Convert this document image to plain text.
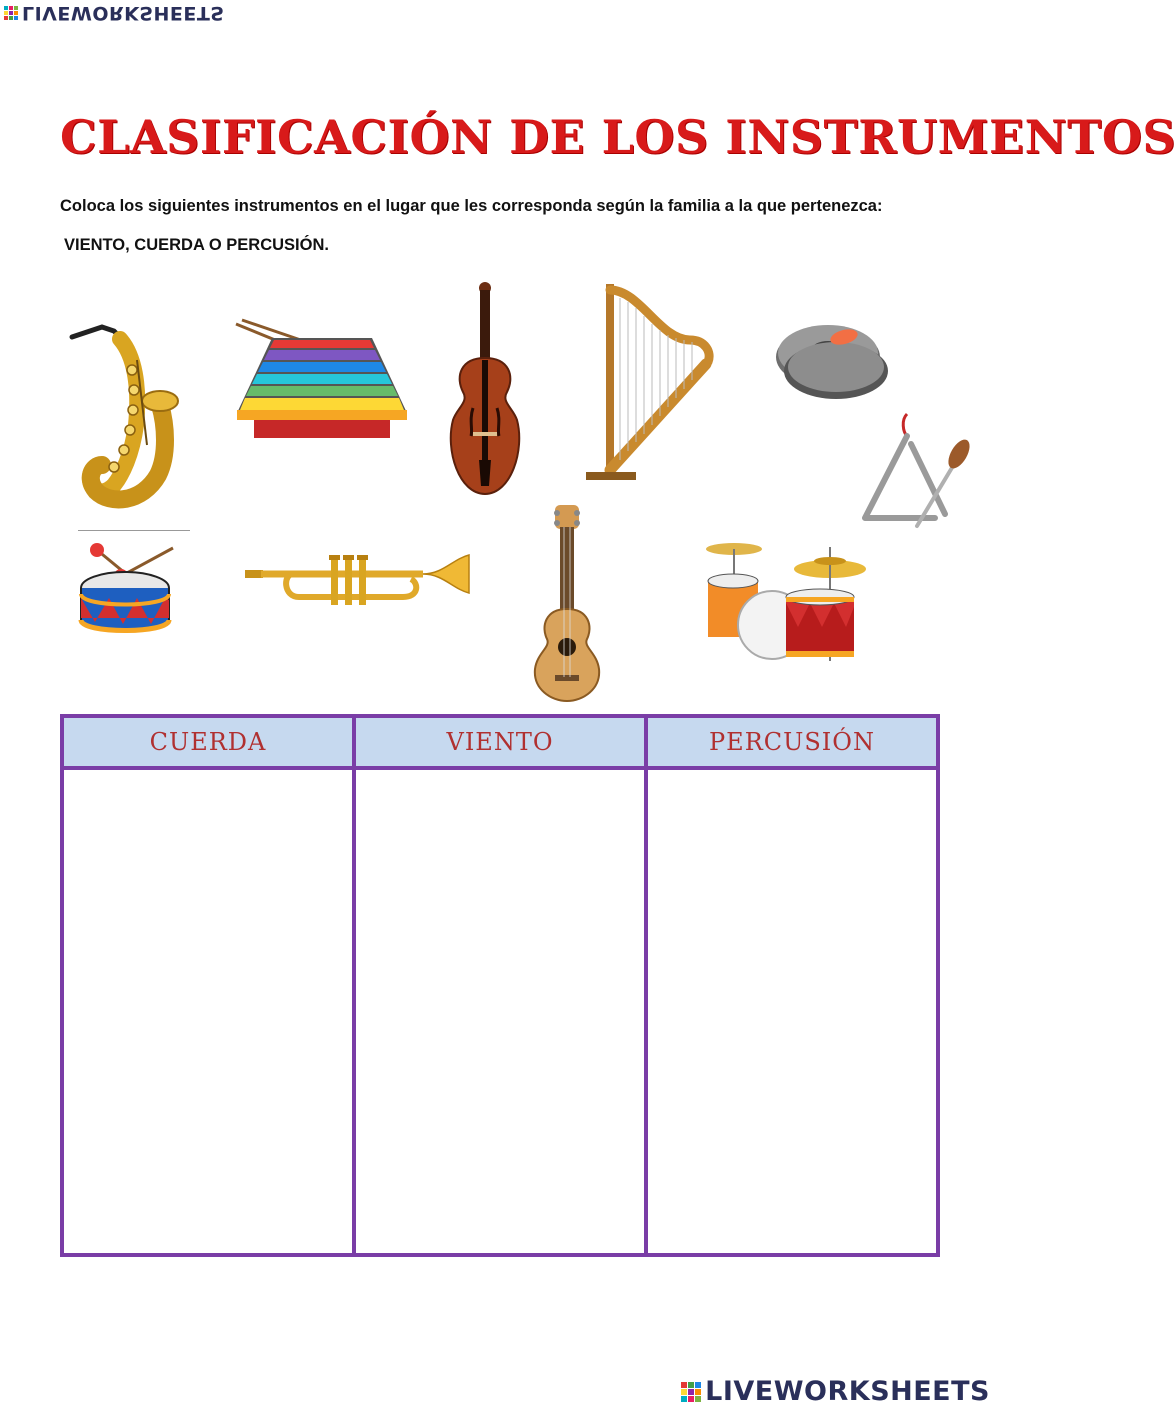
LIVEWORKSHEETS
CLASIFICACIÓN DE LOS INSTRUMENTOS

Coloca los siguientes instrumentos en el lugar que les corresponda según la familia a la que pertenezca:

VIENTO, CUERDA O PERCUSIÓN.

CUERDA	VIENTO	PERCUSIÓN

LIVEWORKSHEETS
